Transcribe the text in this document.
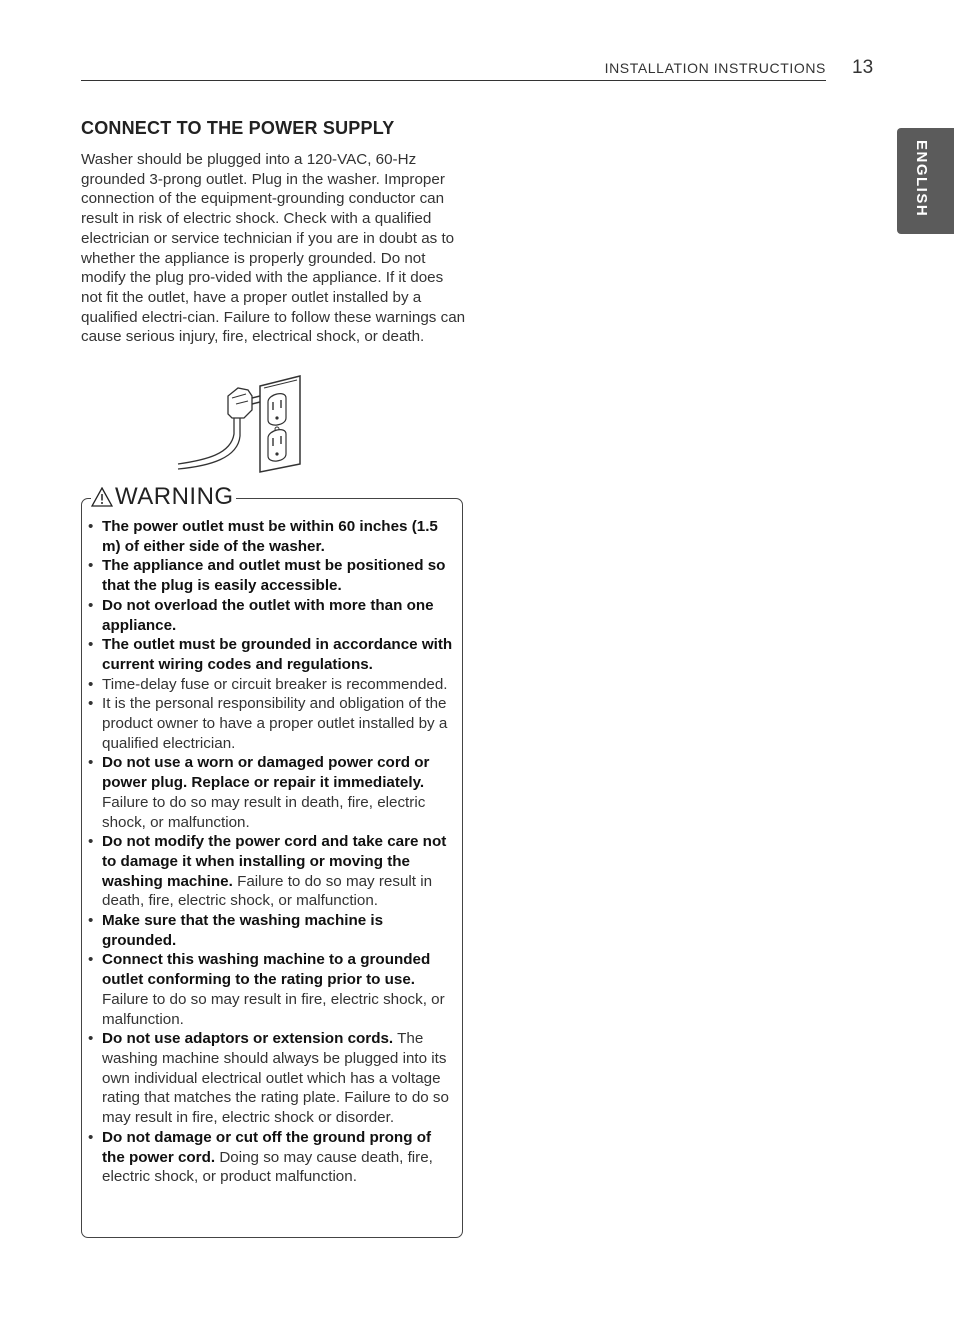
INSTALLATION INSTRUCTIONS 13
ENGLISH
CONNECT TO THE POWER SUPPLY

Washer should be plugged into a 120-VAC, 60-Hz grounded 3-prong outlet. Plug in the washer. Improper connection of the equipment-grounding conductor can result in risk of electric shock. Check with a qualified electrician or service technician if you are in doubt as to whether the appliance is properly grounded. Do not modify the plug pro-vided with the appliance. If it does not fit the outlet, have a proper outlet installed by a qualified electri-cian. Failure to follow these warnings can cause serious injury, fire, electrical shock, or death.

WARNING
• The power outlet must be within 60 inches (1.5 m) of either side of the washer.
• The appliance and outlet must be positioned so that the plug is easily accessible.
• Do not overload the outlet with more than one appliance.
• The outlet must be grounded in accordance with current wiring codes and regulations.
• Time-delay fuse or circuit breaker is recommended.
• It is the personal responsibility and obligation of the product owner to have a proper outlet installed by a qualified electrician.
• Do not use a worn or damaged power cord or power plug. Replace or repair it immediately. Failure to do so may result in death, fire, electric shock, or malfunction.
• Do not modify the power cord and take care not to damage it when installing or moving the washing machine. Failure to do so may result in death, fire, electric shock, or malfunction.
• Make sure that the washing machine is grounded.
• Connect this washing machine to a grounded outlet conforming to the rating prior to use. Failure to do so may result in fire, electric shock, or malfunction.
• Do not use adaptors or extension cords. The washing machine should always be plugged into its own individual electrical outlet which has a voltage rating that matches the rating plate. Failure to do so may result in fire, electric shock or disorder.
• Do not damage or cut off the ground prong of the power cord. Doing so may cause death, fire, electric shock, or product malfunction.
